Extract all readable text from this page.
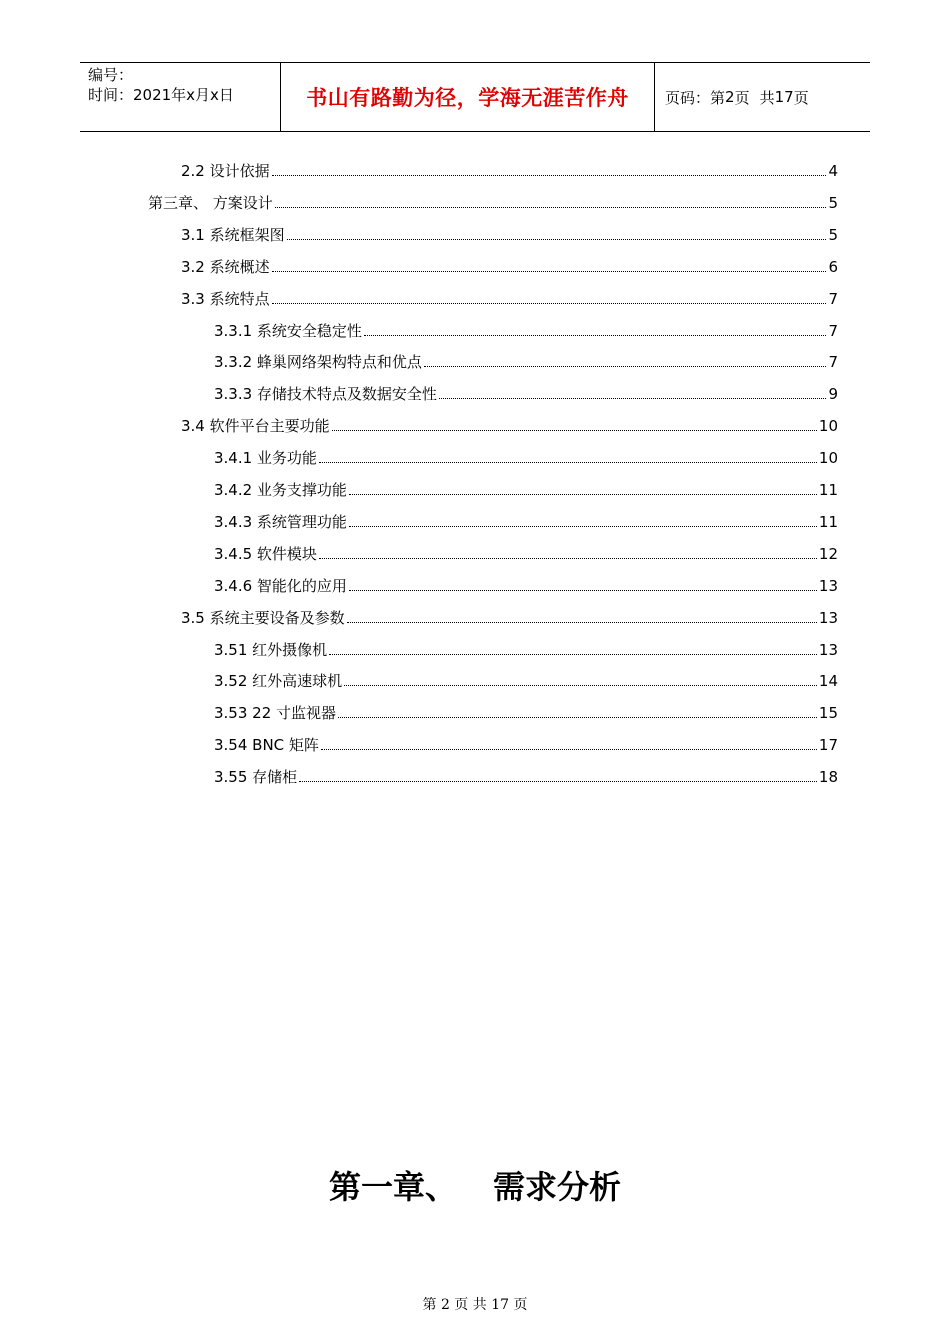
编号：
时间：2021年x月x日	书山有路勤为径，学海无涯苦作舟	页码：第 2 页 共 17 页
2.2 设计依据	4
第三章、 方案设计	5
3.1 系统框架图	5
3.2 系统概述	6
3.3 系统特点	7
3.3.1 系统安全稳定性	7
3.3.2 蜂巢网络架构特点和优点	7
3.3.3 存储技术特点及数据安全性	9
3.4 软件平台主要功能	10
3.4.1 业务功能	10
3.4.2 业务支撑功能	11
3.4.3 系统管理功能	11
3.4.5 软件模块	12
3.4.6 智能化的应用	13
3.5 系统主要设备及参数	13
3.51 红外摄像机	13
3.52 红外高速球机	14
3.53 22 寸监视器	15
3.54 BNC 矩阵	17
3.55 存储柜	18
第一章、 需求分析
第 2 页 共 17 页
